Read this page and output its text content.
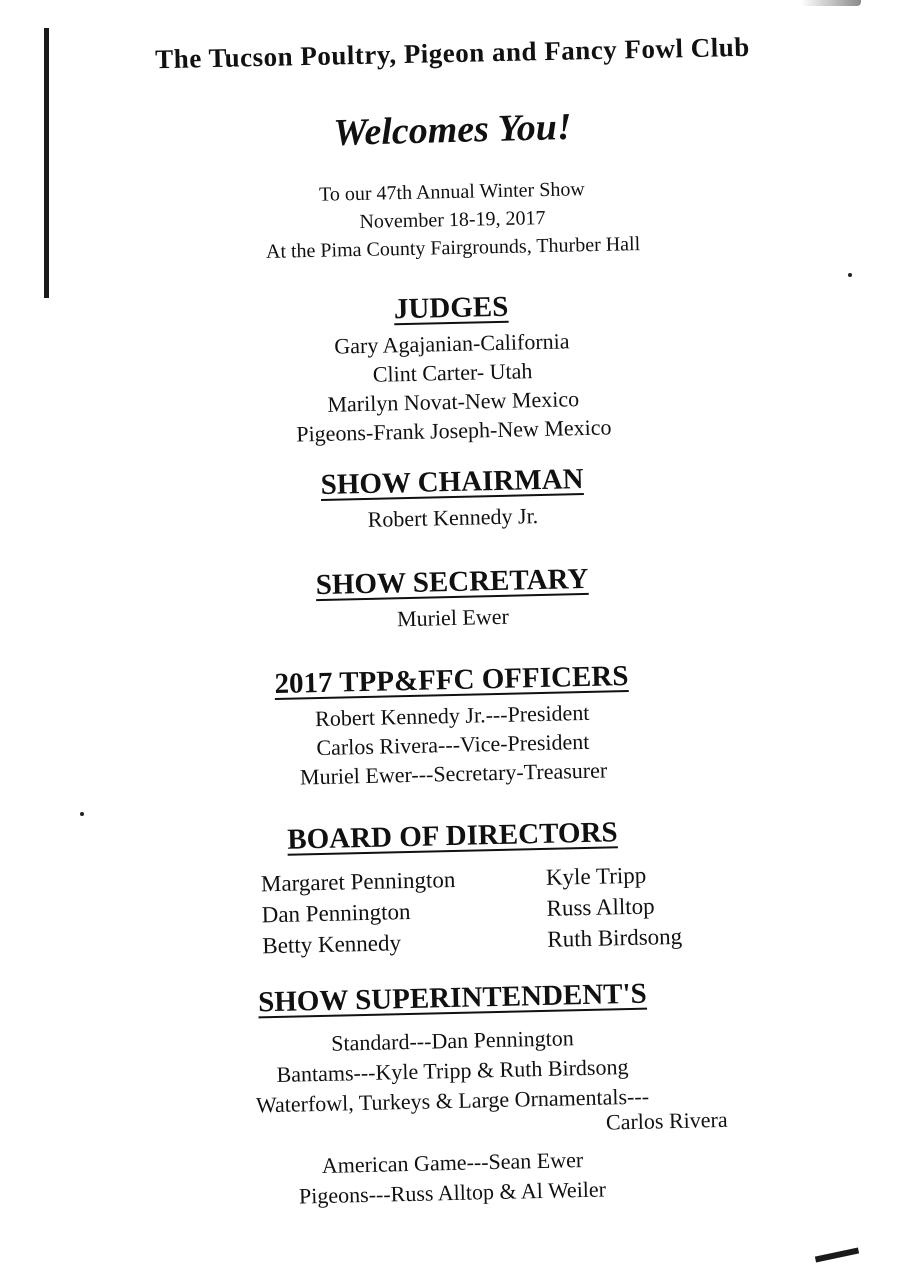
The Tucson Poultry, Pigeon and Fancy Fowl Club
Welcomes You!
To our 47th Annual Winter Show
November 18-19, 2017
At the Pima County Fairgrounds, Thurber Hall
JUDGES
Gary Agajanian-California
Clint Carter- Utah
Marilyn Novat-New Mexico
Pigeons-Frank Joseph-New Mexico
SHOW CHAIRMAN
Robert Kennedy Jr.
SHOW SECRETARY
Muriel Ewer
2017 TPP&FFC OFFICERS
Robert Kennedy Jr.---President
Carlos Rivera---Vice-President
Muriel Ewer---Secretary-Treasurer
BOARD OF DIRECTORS
Margaret Pennington
Dan Pennington
Betty Kennedy
Kyle Tripp
Russ Alltop
Ruth Birdsong
SHOW SUPERINTENDENT'S
Standard---Dan Pennington
Bantams---Kyle Tripp & Ruth Birdsong
Waterfowl, Turkeys & Large Ornamentals---
Carlos Rivera
American Game---Sean Ewer
Pigeons---Russ Alltop & Al Weiler
